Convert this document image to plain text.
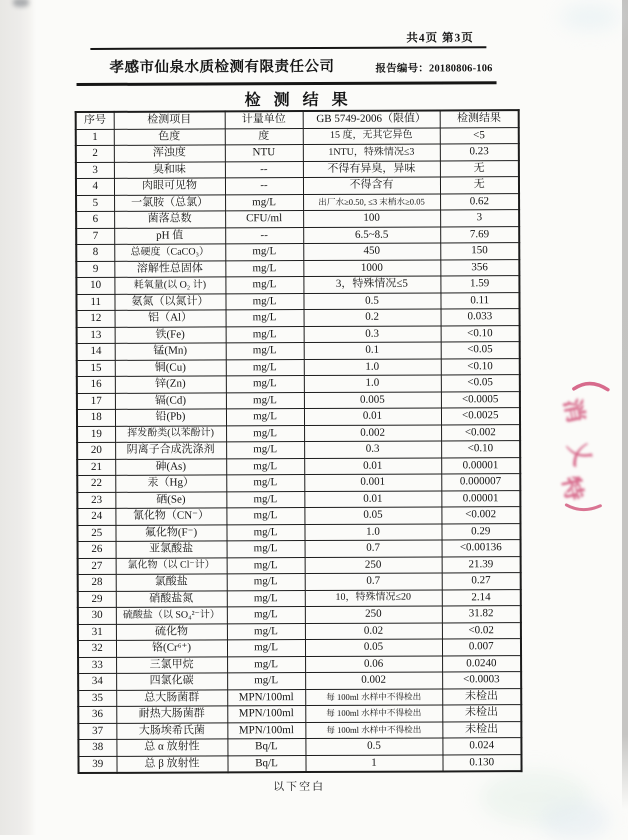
共4页 第3页
孝感市仙泉水质检测有限责任公司	报告编号：20180806-106
检测结果
序号	检测项目	计量单位	GB 5749-2006（限值）	检测结果
1	色度	度	15 度，无其它异色	<5
2	浑浊度	NTU	1NTU，特殊情况≤3	0.23
3	臭和味	--	不得有异臭，异味	无
4	肉眼可见物	--	不得含有	无
5	一氯胺（总氯）	mg/L	出厂水≥0.50, ≤3 末梢水≥0.05	0.62
6	菌落总数	CFU/ml	100	3
7	pH 值	--	6.5~8.5	7.69
8	总硬度（CaCO₃）	mg/L	450	150
9	溶解性总固体	mg/L	1000	356
10	耗氧量(以 O₂ 计)	mg/L	3，特殊情况≤5	1.59
11	氨氮（以氮计）	mg/L	0.5	0.11
12	铝（Al）	mg/L	0.2	0.033
13	铁(Fe)	mg/L	0.3	<0.10
14	锰(Mn)	mg/L	0.1	<0.05
15	铜(Cu)	mg/L	1.0	<0.10
16	锌(Zn)	mg/L	1.0	<0.05
17	镉(Cd)	mg/L	0.005	<0.0005
18	铅(Pb)	mg/L	0.01	<0.0025
19	挥发酚类(以苯酚计)	mg/L	0.002	<0.002
20	阴离子合成洗涤剂	mg/L	0.3	<0.10
21	砷(As)	mg/L	0.01	0.00001
22	汞（Hg）	mg/L	0.001	0.000007
23	硒(Se)	mg/L	0.01	0.00001
24	氰化物（CN⁻）	mg/L	0.05	<0.002
25	氟化物(F⁻)	mg/L	1.0	0.29
26	亚氯酸盐	mg/L	0.7	<0.00136
27	氯化物（以 Cl⁻计）	mg/L	250	21.39
28	氯酸盐	mg/L	0.7	0.27
29	硝酸盐氮	mg/L	10，特殊情况≤20	2.14
30	硫酸盐（以 SO₄²⁻计）	mg/L	250	31.82
31	硫化物	mg/L	0.02	<0.02
32	铬(Cr⁶⁺)	mg/L	0.05	0.007
33	三氯甲烷	mg/L	0.06	0.0240
34	四氯化碳	mg/L	0.002	<0.0003
35	总大肠菌群	MPN/100ml	每 100ml 水样中不得检出	未检出
36	耐热大肠菌群	MPN/100ml	每 100ml 水样中不得检出	未检出
37	大肠埃希氏菌	MPN/100ml	每 100ml 水样中不得检出	未检出
38	总 α 放射性	Bq/L	0.5	0.024
39	总 β 放射性	Bq/L	1	0.130
以下空白
消
乂
特
